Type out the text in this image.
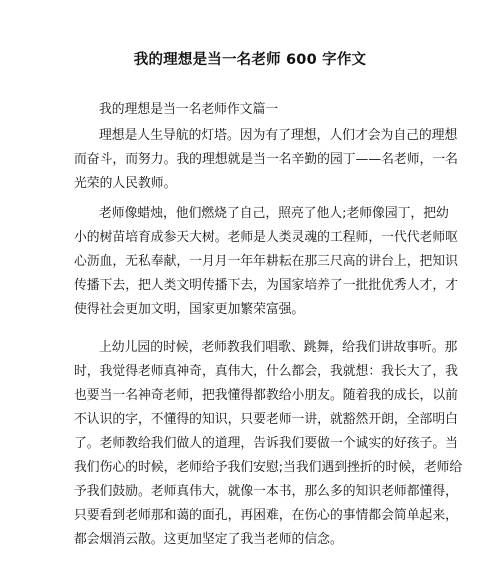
我的理想是当一名老师 600 字作文
我的理想是当一名老师作文篇一
理想是人生导航的灯塔。因为有了理想，人们才会为自己的理想
而奋斗，而努力。我的理想就是当一名辛勤的园丁——名老师，一名
光荣的人民教师。
老师像蜡烛，他们燃烧了自己，照亮了他人;老师像园丁，把幼
小的树苗培育成参天大树。老师是人类灵魂的工程师，一代代老师呕
心沥血，无私奉献，一月月一年年耕耘在那三尺高的讲台上，把知识
传播下去，把人类文明传播下去，为国家培养了一批批优秀人才，才
使得社会更加文明，国家更加繁荣富强。
上幼儿园的时候，老师教我们唱歌、跳舞，给我们讲故事听。那
时，我觉得老师真神奇，真伟大，什么都会，我就想：我长大了，我
也要当一名神奇老师，把我懂得都教给小朋友。随着我的成长，以前
不认识的字，不懂得的知识，只要老师一讲，就豁然开朗，全部明白
了。老师教给我们做人的道理，告诉我们要做一个诚实的好孩子。当
我们伤心的时候，老师给予我们安慰;当我们遇到挫折的时候，老师给
予我们鼓励。老师真伟大，就像一本书，那么多的知识老师都懂得，
只要看到老师那和蔼的面孔，再困难，在伤心的事情都会简单起来，
都会烟消云散。这更加坚定了我当老师的信念。
